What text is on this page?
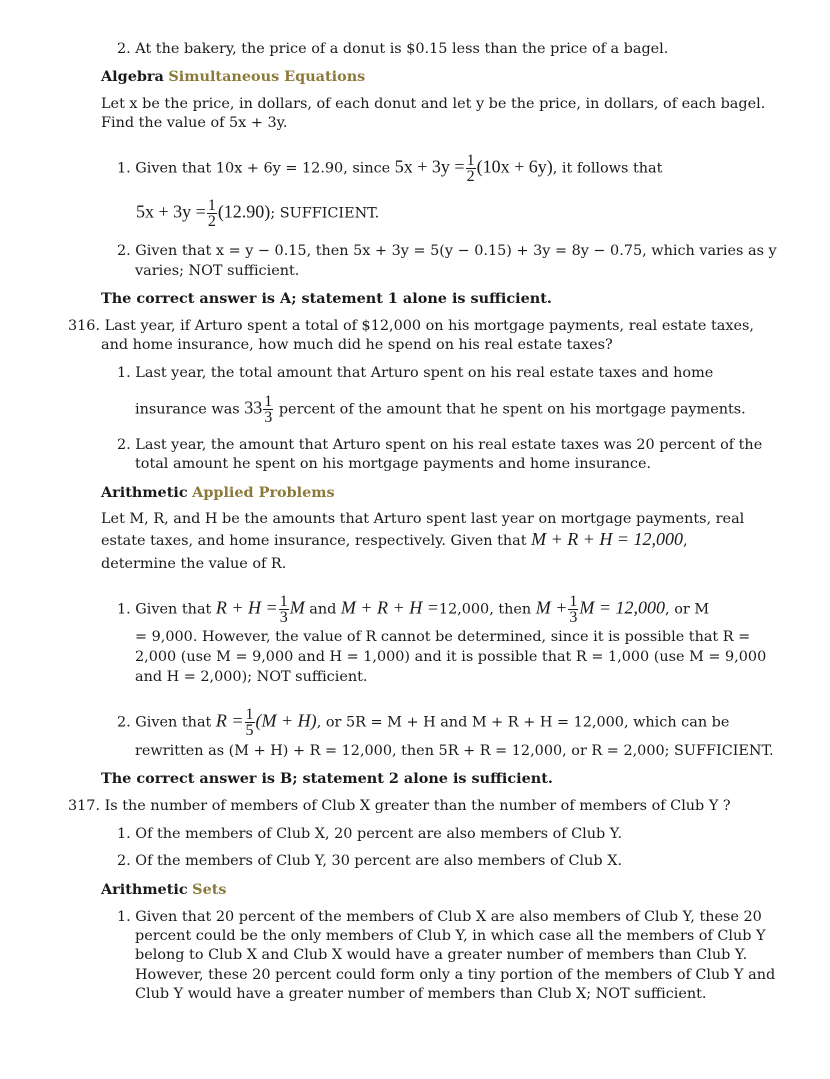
2. At the bakery, the price of a donut is $0.15 less than the price of a bagel.
Algebra Simultaneous Equations
Let x be the price, in dollars, of each donut and let y be the price, in dollars, of each bagel.
Find the value of 5x + 3y.
1. Given that 10x + 6y = 12.90, since $5x + 3y = \frac{1}{2} (10x + 6y)$, it follows that
$5x + 3y = \frac{1}{2} (12.90)$; SUFFICIENT.
2. Given that x = y − 0.15, then 5x + 3y = 5(y − 0.15) + 3y = 8y − 0.75, which varies as y
varies; NOT sufficient.
The correct answer is A; statement 1 alone is sufficient.
316. Last year, if Arturo spent a total of $12,000 on his mortgage payments, real estate taxes,
and home insurance, how much did he spend on his real estate taxes?
1. Last year, the total amount that Arturo spent on his real estate taxes and home
insurance was $33 \frac{1}{3}$ percent of the amount that he spent on his mortgage payments.
2. Last year, the amount that Arturo spent on his real estate taxes was 20 percent of the
total amount he spent on his mortgage payments and home insurance.
Arithmetic Applied Problems
Let M, R, and H be the amounts that Arturo spent last year on mortgage payments, real
estate taxes, and home insurance, respectively. Given that M + R + H = 12,000,
determine the value of R.
1. Given that $R + H = \frac{1}{3}$ M and M + R + H =12,000, then $M + \frac{1}{3}$ M = 12,000, or M
= 9,000. However, the value of R cannot be determined, since it is possible that R =
2,000 (use M = 9,000 and H = 1,000) and it is possible that R = 1,000 (use M = 9,000
and H = 2,000); NOT sufficient.
2. Given that $R = \frac{1}{5} (M + H)$, or 5R = M + H and M + R + H = 12,000, which can be
rewritten as (M + H) + R = 12,000, then 5R + R = 12,000, or R = 2,000; SUFFICIENT.
The correct answer is B; statement 2 alone is sufficient.
317. Is the number of members of Club X greater than the number of members of Club Y ?
1. Of the members of Club X, 20 percent are also members of Club Y.
2. Of the members of Club Y, 30 percent are also members of Club X.
Arithmetic Sets
1. Given that 20 percent of the members of Club X are also members of Club Y, these 20
percent could be the only members of Club Y, in which case all the members of Club Y
belong to Club X and Club X would have a greater number of members than Club Y.
However, these 20 percent could form only a tiny portion of the members of Club Y and
Club Y would have a greater number of members than Club X; NOT sufficient.
